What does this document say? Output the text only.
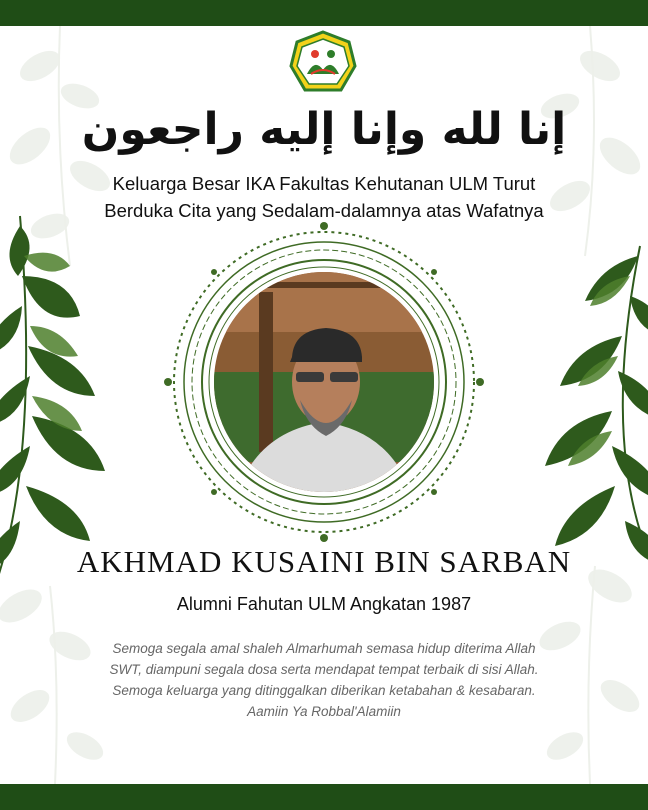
إنا لله وإنا إليه راجعون
Keluarga Besar IKA Fakultas Kehutanan ULM Turut
Berduka Cita yang Sedalam-dalamnya atas Wafatnya
AKHMAD KUSAINI BIN SARBAN
Alumni Fahutan ULM Angkatan 1987
Semoga segala amal shaleh Almarhumah semasa hidup diterima Allah SWT, diampuni segala dosa serta mendapat tempat terbaik di sisi Allah. Semoga keluarga yang ditinggalkan diberikan ketabahan & kesabaran. Aamiin Ya Robbal'Alamiin
